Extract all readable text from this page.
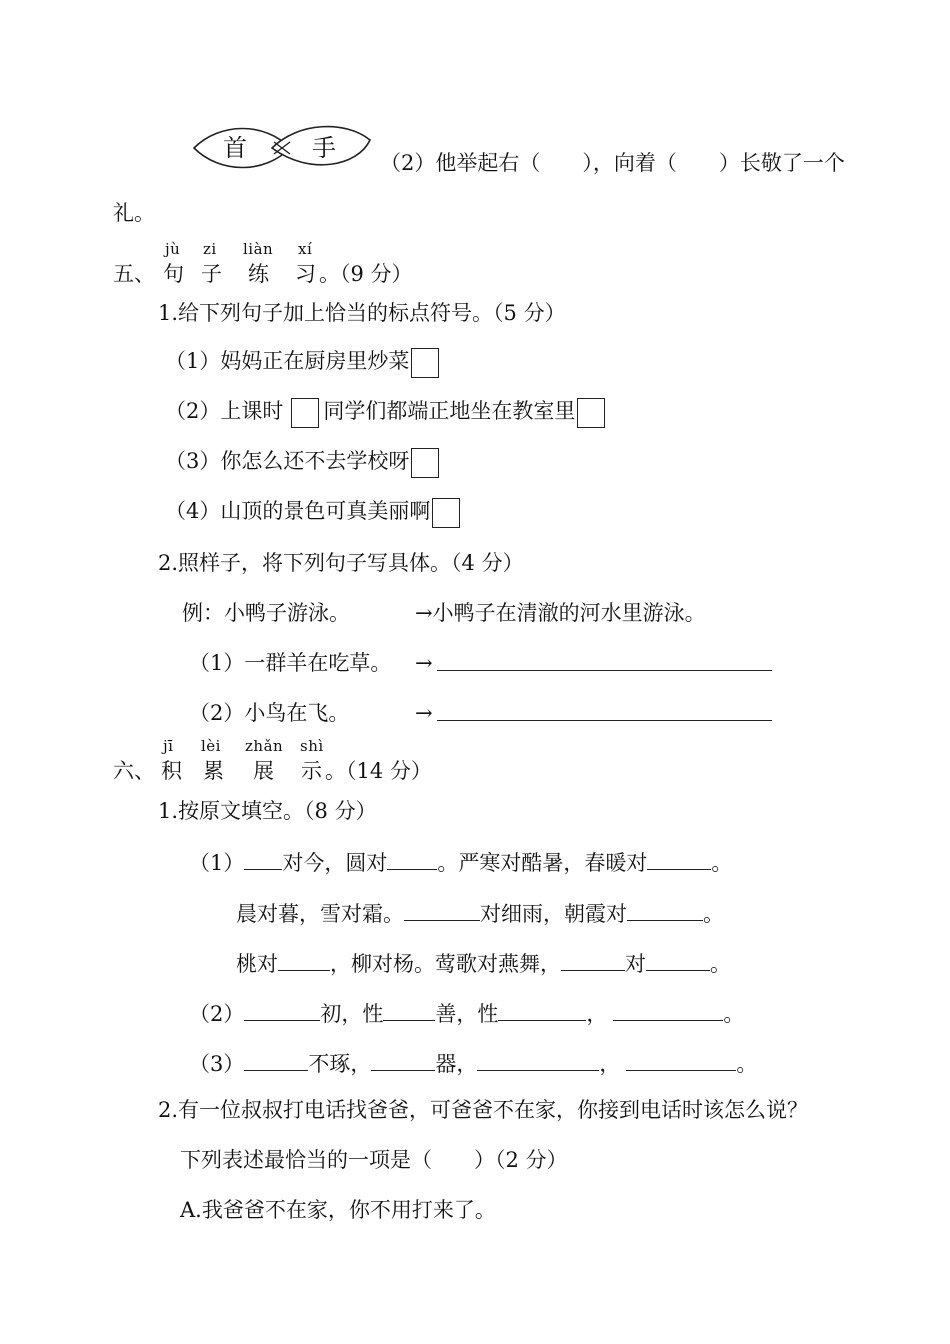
首	手
（2）他举起右（　　），向着（　　）长敬了一个
礼。
五、
jù
句
zi
子
liàn
练
xí
习 。（9 分）
1.给下列句子加上恰当的标点符号。（5 分）
（1）妈妈正在厨房里炒菜
（2）上课时 同学们都端正地坐在教室里
（3）你怎么还不去学校呀
（4）山顶的景色可真美丽啊
2.照样子，将下列句子写具体。（4 分）
例：小鸭子游泳。	→小鸭子在清澈的河水里游泳。
（1）一群羊在吃草。 →
（2）小鸟在飞。	→
六、
jī
积
lèi
累
zhǎn
展
shì
示 。（14 分）
1.按原文填空。（8 分）
（1） 对今，圆对 。严寒对酷暑，春暖对	。
晨对暮，雪对霜。	对细雨，朝霞对	。
桃对 ，柳对杨。莺歌对燕舞，	对	。
（2）	初，性 善，性	，	。
（3）	不琢，	器，	，	。
2.有一位叔叔打电话找爸爸，可爸爸不在家，你接到电话时该怎么说？
下列表述最恰当的一项是（　　）（2 分）
A.我爸爸不在家，你不用打来了。
